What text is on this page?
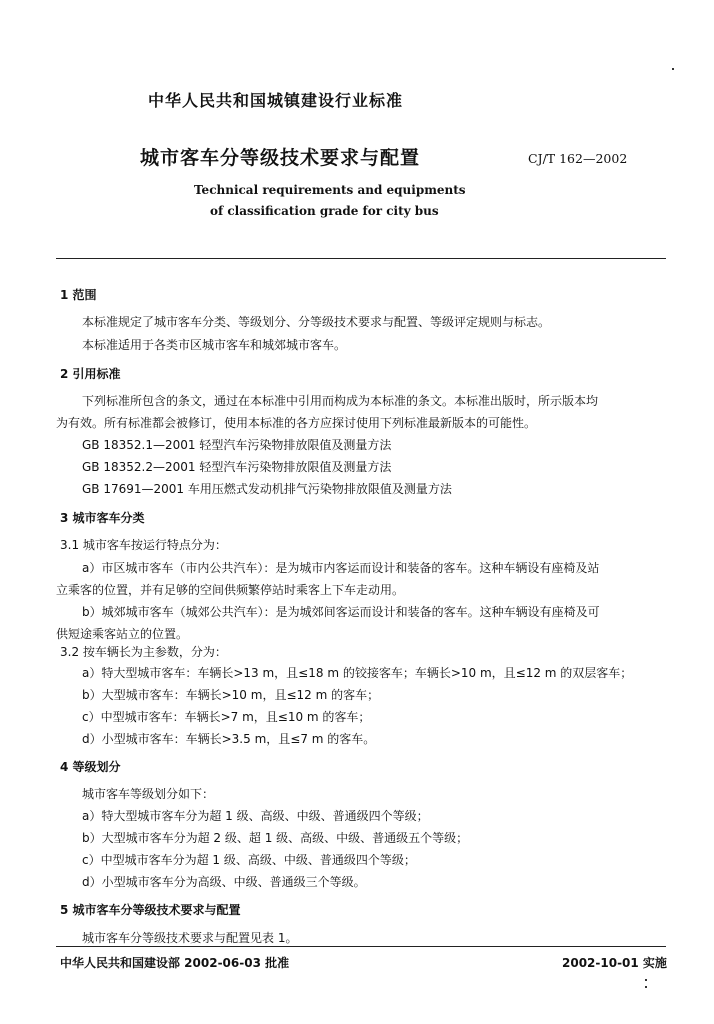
中华人民共和国城镇建设行业标准
城市客车分等级技术要求与配置	CJ/T 162—2002
Technical requirements and equipments
of classification grade for city bus
1 范围
本标准规定了城市客车分类、等级划分、分等级技术要求与配置、等级评定规则与标志。
本标准适用于各类市区城市客车和城郊城市客车。
2 引用标准
下列标准所包含的条文，通过在本标准中引用而构成为本标准的条文。本标准出版时，所示版本均
为有效。所有标准都会被修订，使用本标准的各方应探讨使用下列标准最新版本的可能性。
GB 18352.1—2001 轻型汽车污染物排放限值及测量方法
GB 18352.2—2001 轻型汽车污染物排放限值及测量方法
GB 17691—2001 车用压燃式发动机排气污染物排放限值及测量方法
3 城市客车分类
3.1 城市客车按运行特点分为：
a）市区城市客车（市内公共汽车）：是为城市内客运而设计和装备的客车。这种车辆设有座椅及站
立乘客的位置，并有足够的空间供频繁停站时乘客上下车走动用。
b）城郊城市客车（城郊公共汽车）：是为城郊间客运而设计和装备的客车。这种车辆设有座椅及可
供短途乘客站立的位置。
3.2 按车辆长为主参数，分为：
a）特大型城市客车：车辆长>13 m，且≤18 m 的铰接客车；车辆长>10 m，且≤12 m 的双层客车；
b）大型城市客车：车辆长>10 m，且≤12 m 的客车；
c）中型城市客车：车辆长>7 m，且≤10 m 的客车；
d）小型城市客车：车辆长>3.5 m，且≤7 m 的客车。
4 等级划分
城市客车等级划分如下：
a）特大型城市客车分为超 1 级、高级、中级、普通级四个等级；
b）大型城市客车分为超 2 级、超 1 级、高级、中级、普通级五个等级；
c）中型城市客车分为超 1 级、高级、中级、普通级四个等级；
d）小型城市客车分为高级、中级、普通级三个等级。
5 城市客车分等级技术要求与配置
城市客车分等级技术要求与配置见表 1。
中华人民共和国建设部 2002-06-03 批准	2002-10-01 实施
